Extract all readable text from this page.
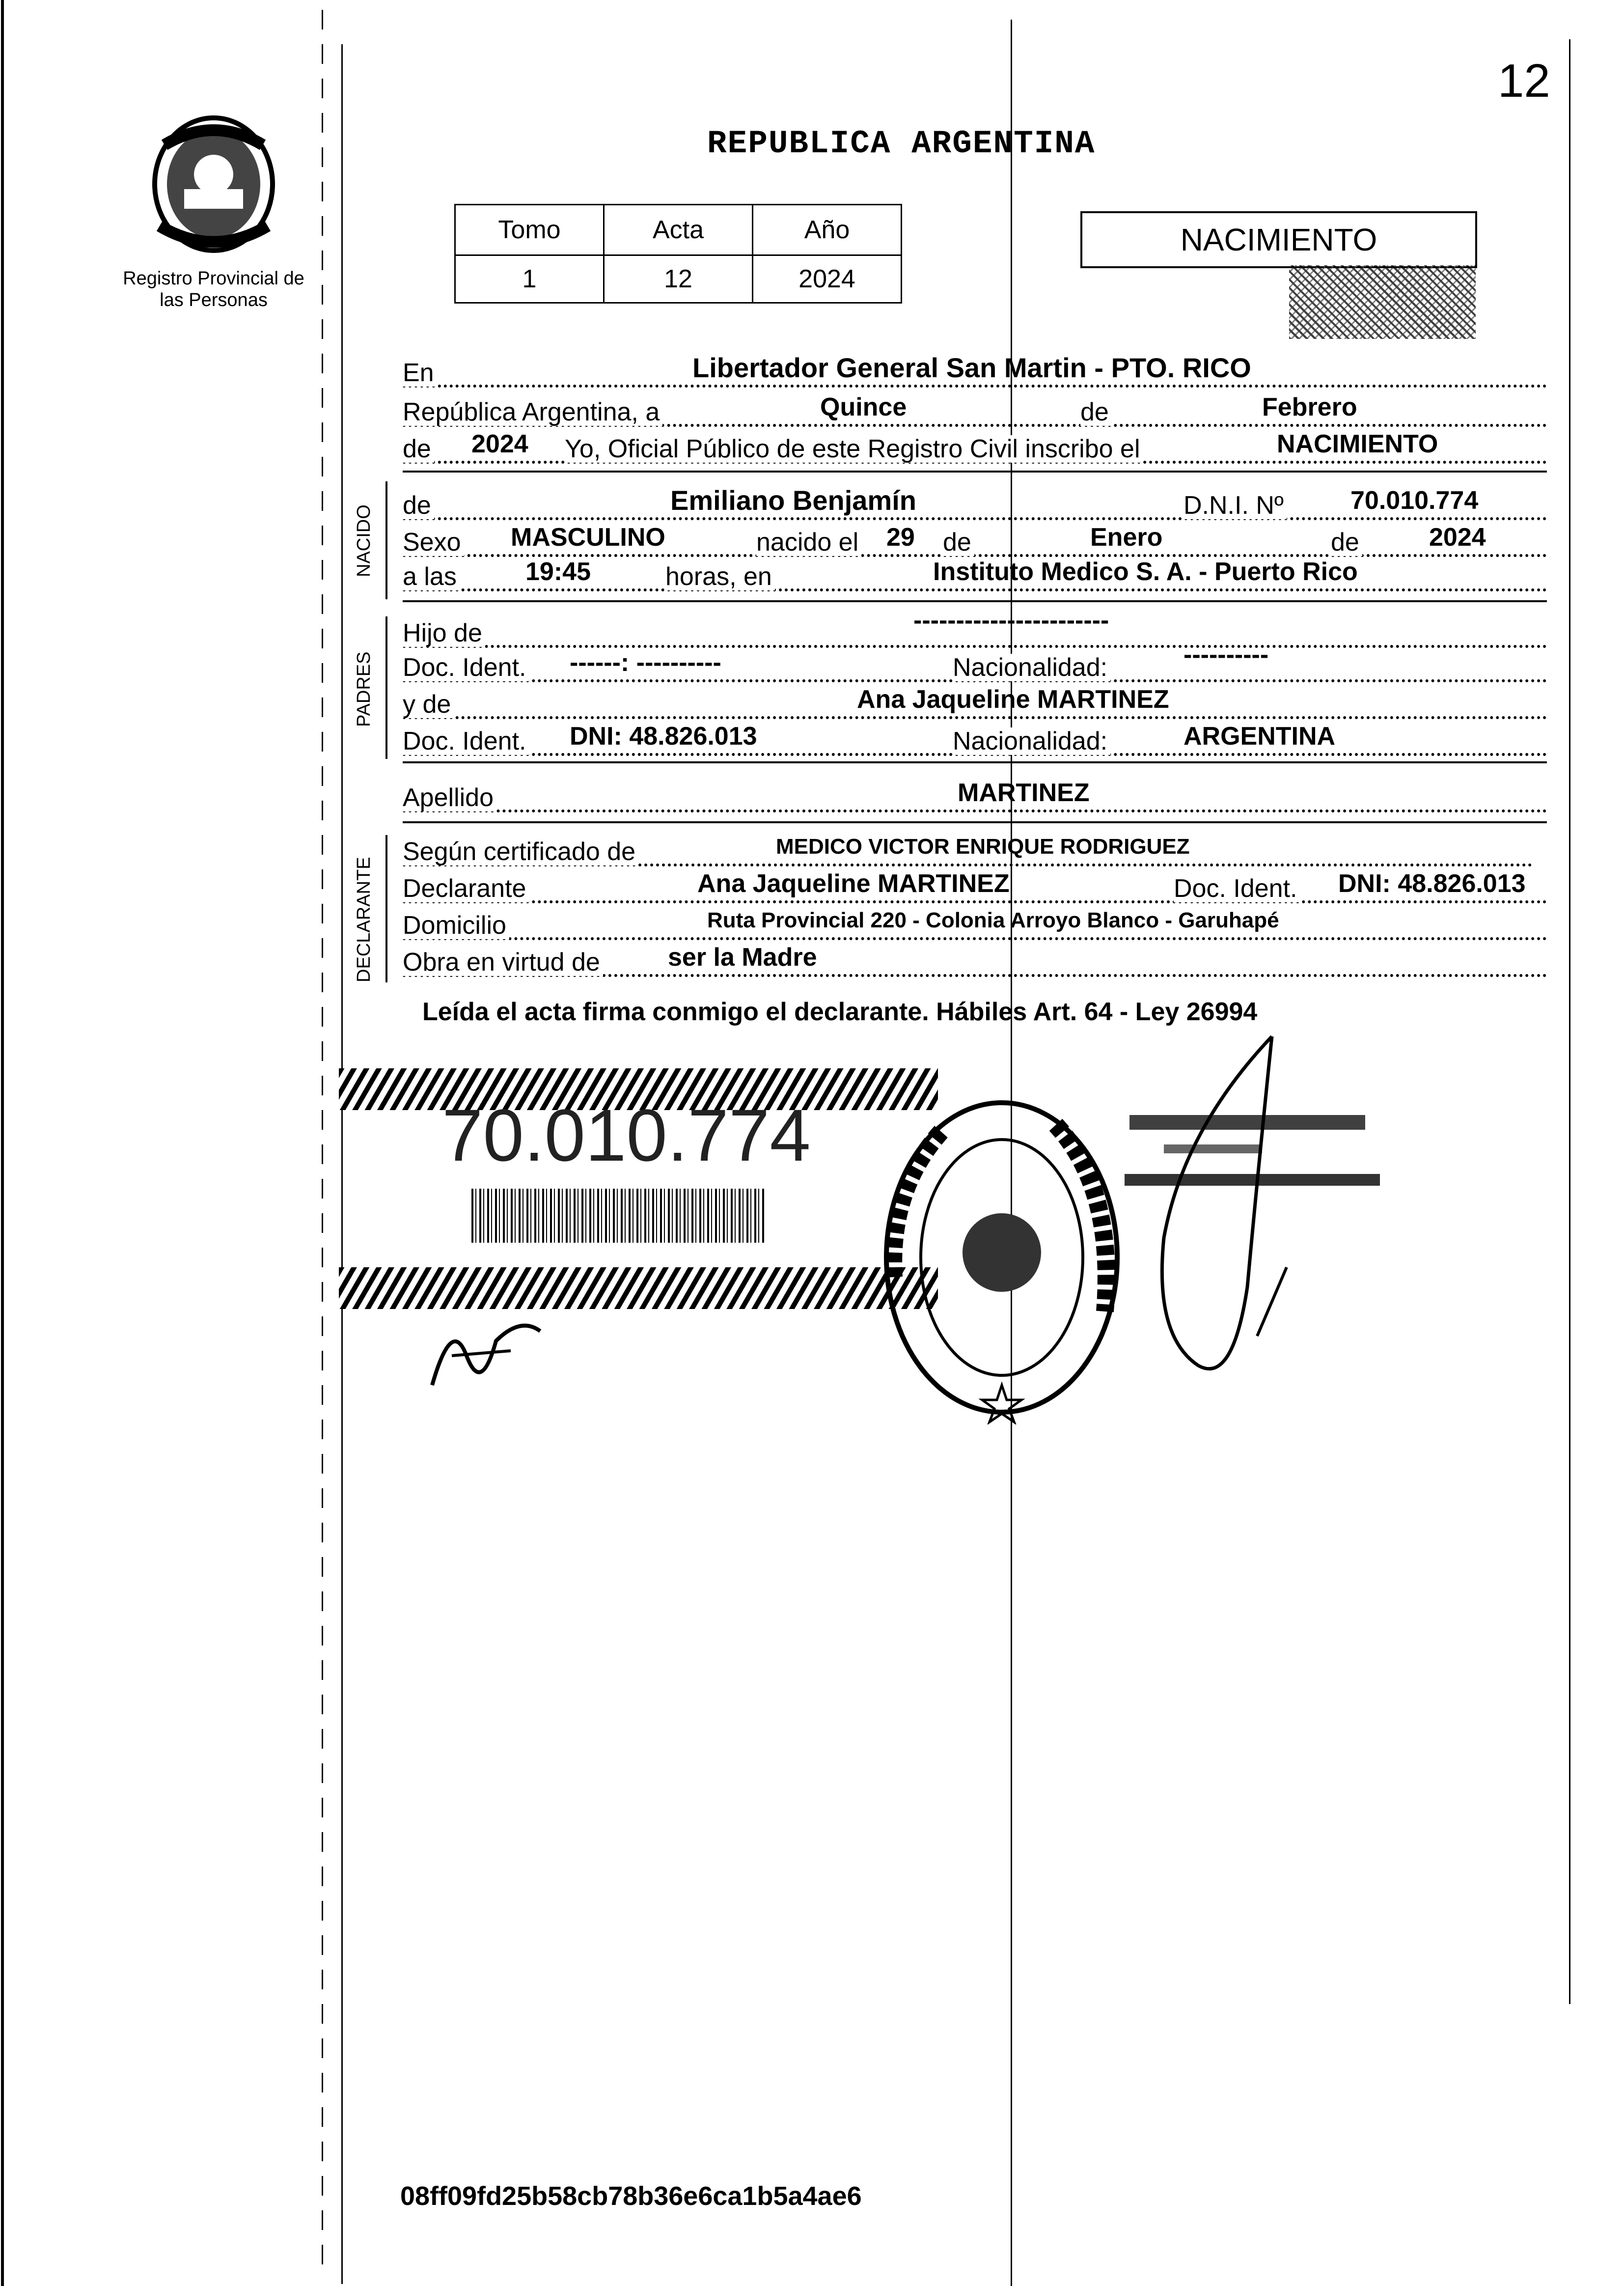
12
Registro Provincial de las Personas
REPUBLICA ARGENTINA
Tomo	Acta	Año
1	12	2024
NACIMIENTO
En	Libertador General San Martin - PTO. RICO
República Argentina, a	Quince	de	Febrero
de 2024 Yo, Oficial Público de este Registro Civil inscribo el	NACIMIENTO
NACIDO de	Emiliano Benjamín	D.N.I. Nº	70.010.774
Sexo MASCULINO	nacido el 29 de	Enero	de	2024
a las	19:45	horas, en	Instituto Medico S. A. - Puerto Rico
PADRES
Hijo de	-----------------------
Doc. Ident. ------: ----------	Nacionalidad:	----------
y de	Ana Jaqueline MARTINEZ
Doc. Ident. DNI: 48.826.013	Nacionalidad:	ARGENTINA
Apellido	MARTINEZ
DECLARANTE
Según certificado de	MEDICO VICTOR ENRIQUE RODRIGUEZ
Declarante	Ana Jaqueline MARTINEZ	Doc. Ident. DNI: 48.826.013
Domicilio	Ruta Provincial 220 - Colonia Arroyo Blanco - Garuhapé
Obra en virtud de	ser la Madre
Leída el acta firma conmigo el declarante. Hábiles Art. 64 - Ley 26994
70.010.774
08ff09fd25b58cb78b36e6ca1b5a4ae6
